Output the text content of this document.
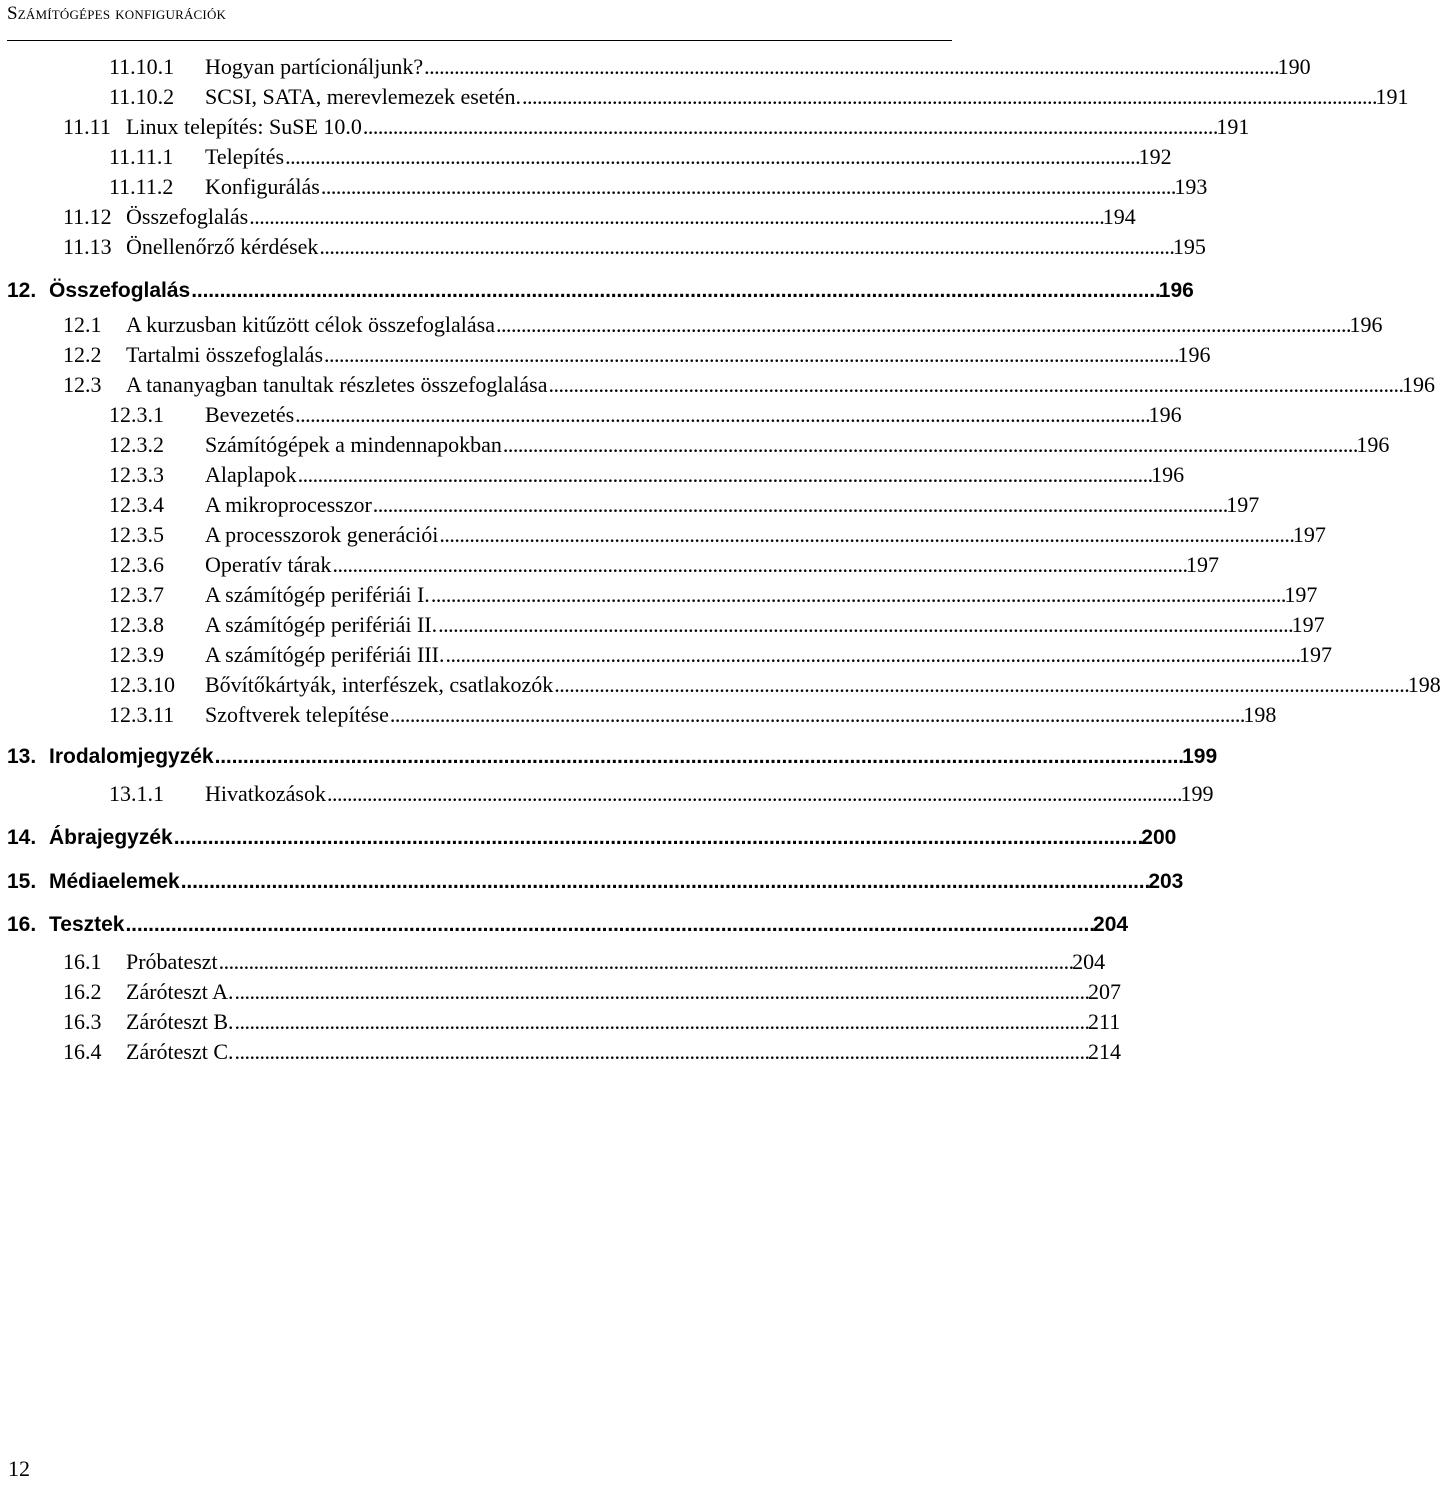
Számítógépes konfigurációk
11.10.1	Hogyan partícionáljunk? . . .	190
11.10.2	SCSI, SATA, merevlemezek esetén. . . .	191
11.11 Linux telepítés: SuSE 10.0 . . .	191
11.11.1	Telepítés . . .	192
11.11.2	Konfigurálás . . .	193
11.12 Összefoglalás . . .	194
11.13 Önellenőrző kérdések . . .	195
12. Összefoglalás . . .	196
12.1	A kurzusban kitűzött célok összefoglalása . . .	196
12.2	Tartalmi összefoglalás . . .	196
12.3	A tananyagban tanultak részletes összefoglalása . . .	196
12.3.1	Bevezetés . . .	196
12.3.2	Számítógépek a mindennapokban . . .	196
12.3.3	Alaplapok . . .	196
12.3.4	A mikroprocesszor . . .	197
12.3.5	A processzorok generációi . . .	197
12.3.6	Operatív tárak . . .	197
12.3.7	A számítógép perifériái I. . . .	197
12.3.8	A számítógép perifériái II. . . .	197
12.3.9	A számítógép perifériái III. . . .	197
12.3.10	Bővítőkártyák, interfészek, csatlakozók . . .	198
12.3.11	Szoftverek telepítése . . .	198
13. Irodalomjegyzék . . .	199
13.1.1	Hivatkozások . . .	199
14. Ábrajegyzék . . .	200
15. Médiaelemek . . .	203
16. Tesztek . . .	204
16.1	Próbateszt . . .	204
16.2	Záróteszt A. . . .	207
16.3	Záróteszt B. . . .	211
16.4	Záróteszt C. . . .	214
12
